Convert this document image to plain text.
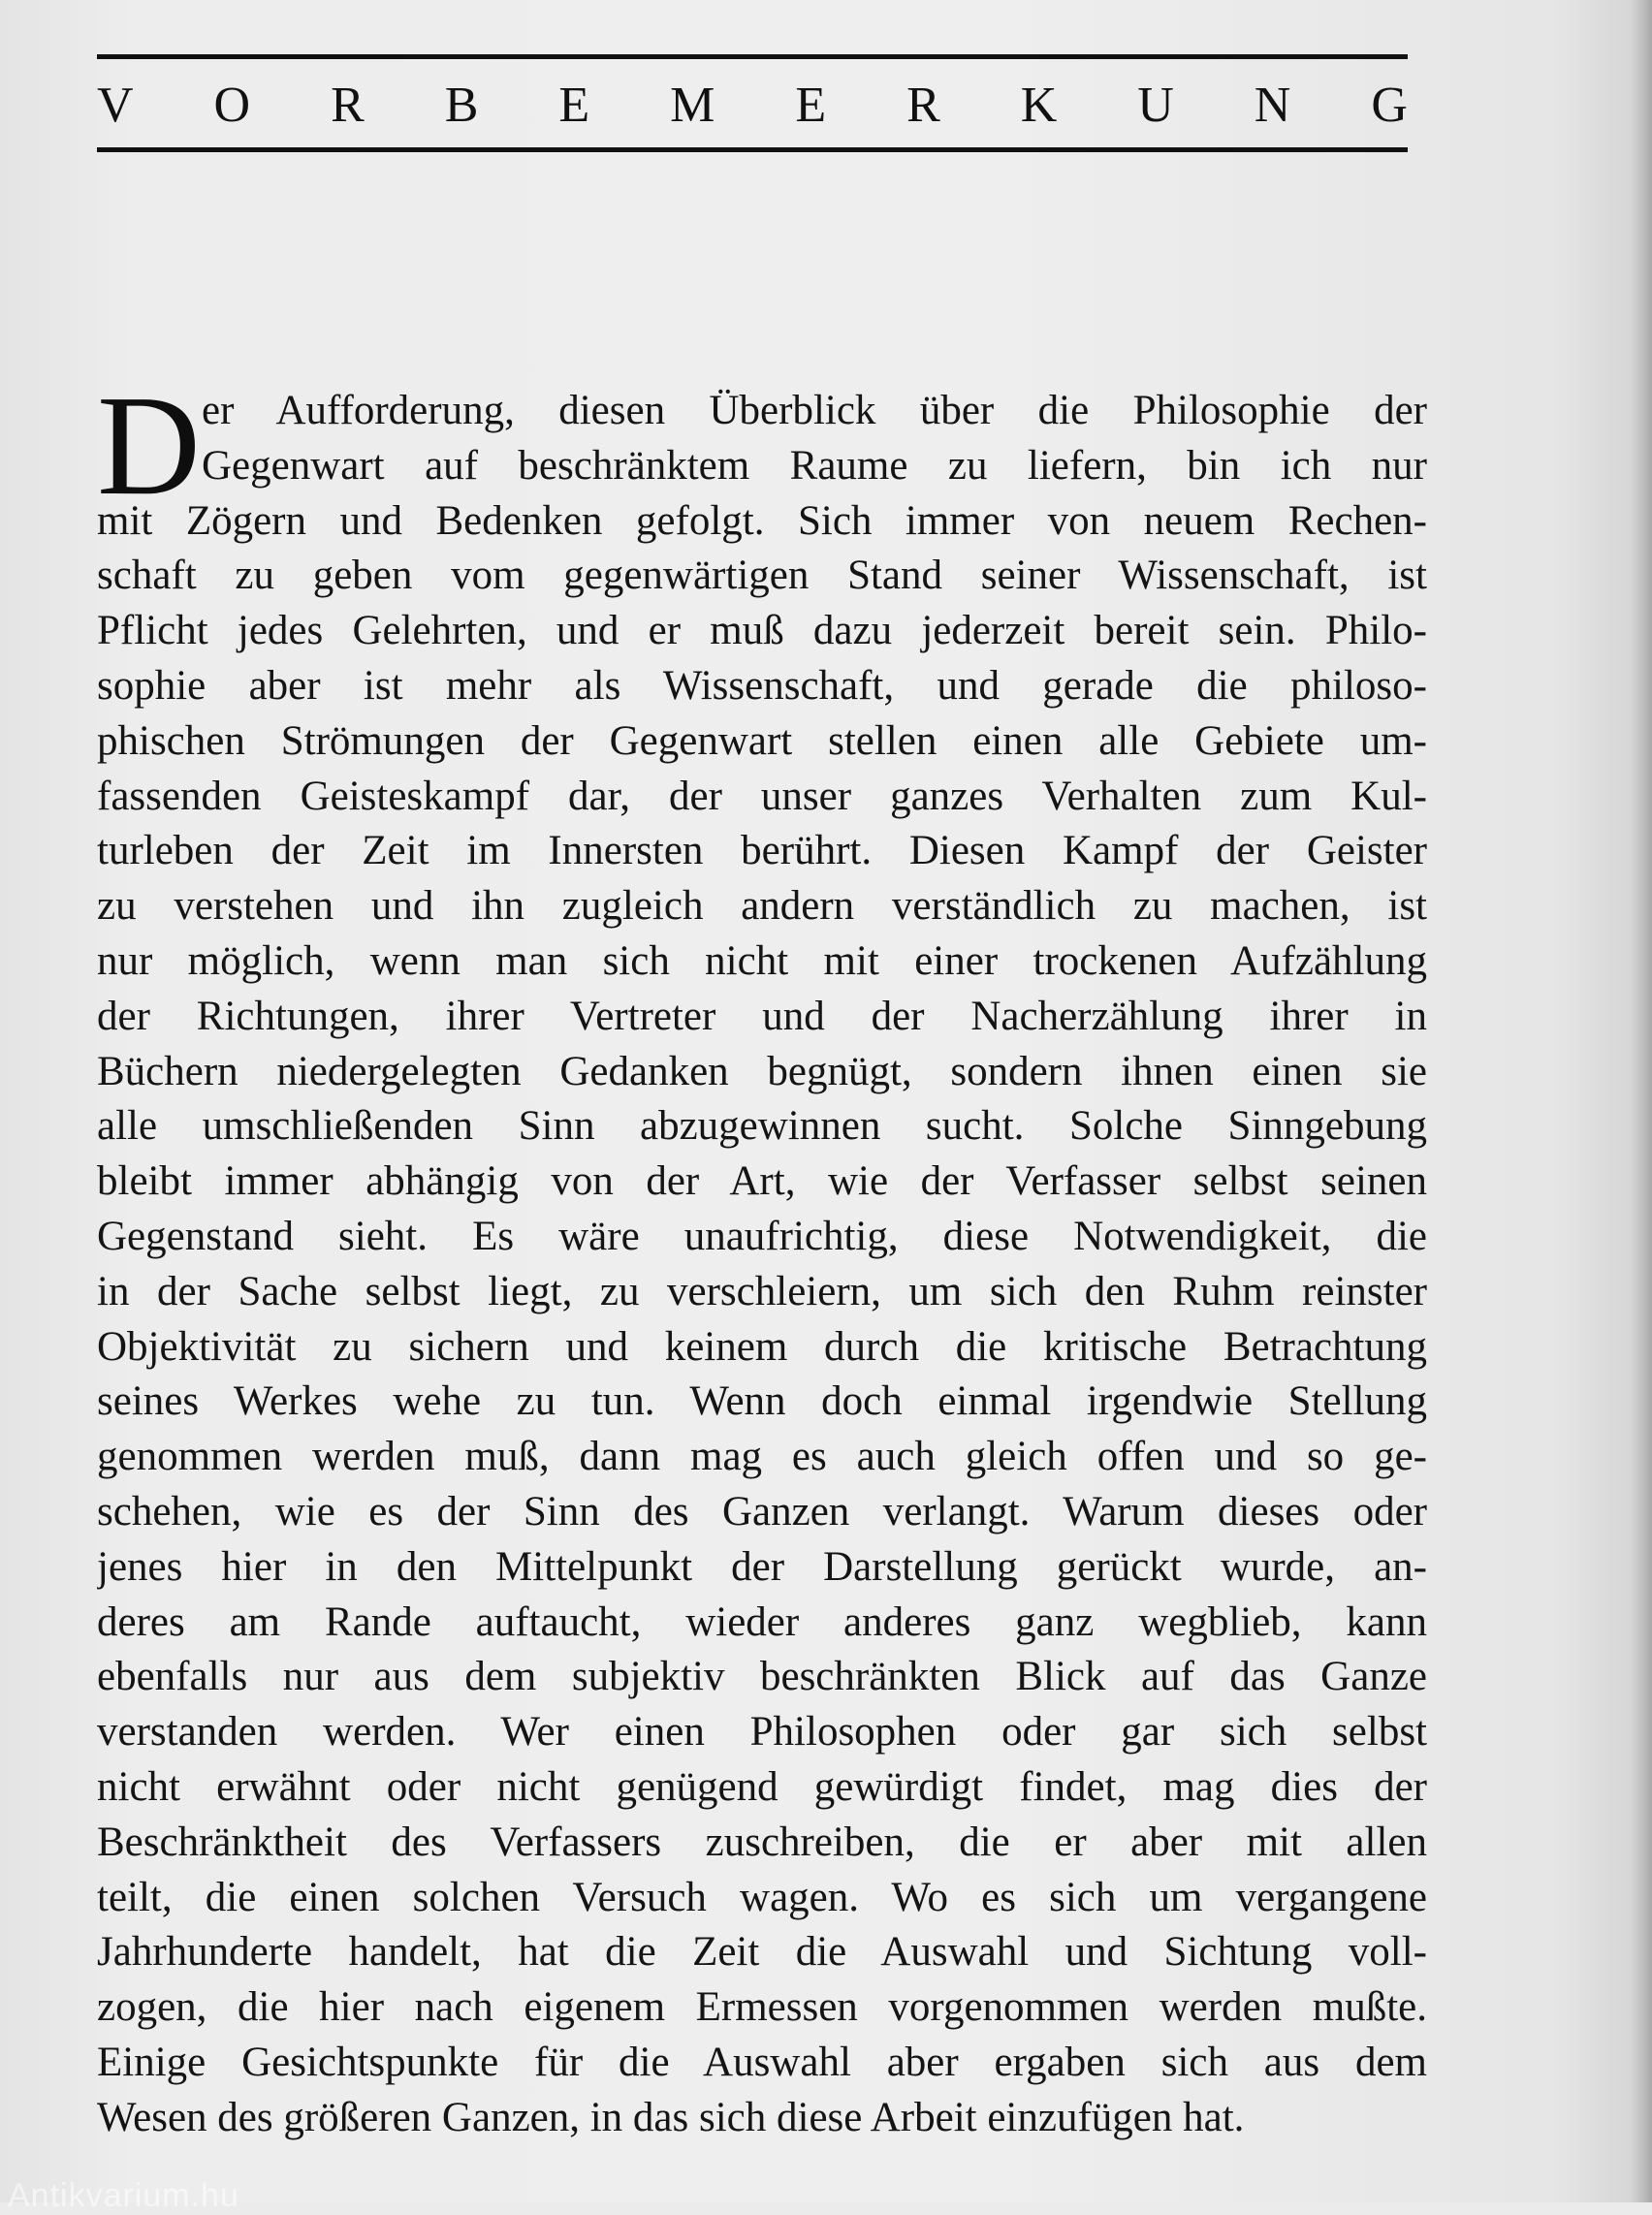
V O R B E M E R K U N G
D er Aufforderung, diesen Überblick über die Philosophie der
Gegenwart auf beschränktem Raume zu liefern, bin ich nur
mit Zögern und Bedenken gefolgt. Sich immer von neuem Rechen-
schaft zu geben vom gegenwärtigen Stand seiner Wissenschaft, ist
Pflicht jedes Gelehrten, und er muß dazu jederzeit bereit sein. Philo-
sophie aber ist mehr als Wissenschaft, und gerade die philoso-
phischen Strömungen der Gegenwart stellen einen alle Gebiete um-
fassenden Geisteskampf dar, der unser ganzes Verhalten zum Kul-
turleben der Zeit im Innersten berührt. Diesen Kampf der Geister
zu verstehen und ihn zugleich andern verständlich zu machen, ist
nur möglich, wenn man sich nicht mit einer trockenen Aufzählung
der Richtungen, ihrer Vertreter und der Nacherzählung ihrer in
Büchern niedergelegten Gedanken begnügt, sondern ihnen einen sie
alle umschließenden Sinn abzugewinnen sucht. Solche Sinngebung
bleibt immer abhängig von der Art, wie der Verfasser selbst seinen
Gegenstand sieht. Es wäre unaufrichtig, diese Notwendigkeit, die
in der Sache selbst liegt, zu verschleiern, um sich den Ruhm reinster
Objektivität zu sichern und keinem durch die kritische Betrachtung
seines Werkes wehe zu tun. Wenn doch einmal irgendwie Stellung
genommen werden muß, dann mag es auch gleich offen und so ge-
schehen, wie es der Sinn des Ganzen verlangt. Warum dieses oder
jenes hier in den Mittelpunkt der Darstellung gerückt wurde, an-
deres am Rande auftaucht, wieder anderes ganz wegblieb, kann
ebenfalls nur aus dem subjektiv beschränkten Blick auf das Ganze
verstanden werden. Wer einen Philosophen oder gar sich selbst
nicht erwähnt oder nicht genügend gewürdigt findet, mag dies der
Beschränktheit des Verfassers zuschreiben, die er aber mit allen
teilt, die einen solchen Versuch wagen. Wo es sich um vergangene
Jahrhunderte handelt, hat die Zeit die Auswahl und Sichtung voll-
zogen, die hier nach eigenem Ermessen vorgenommen werden mußte.
Einige Gesichtspunkte für die Auswahl aber ergaben sich aus dem
Wesen des größeren Ganzen, in das sich diese Arbeit einzufügen hat.
Antikvarium.hu
